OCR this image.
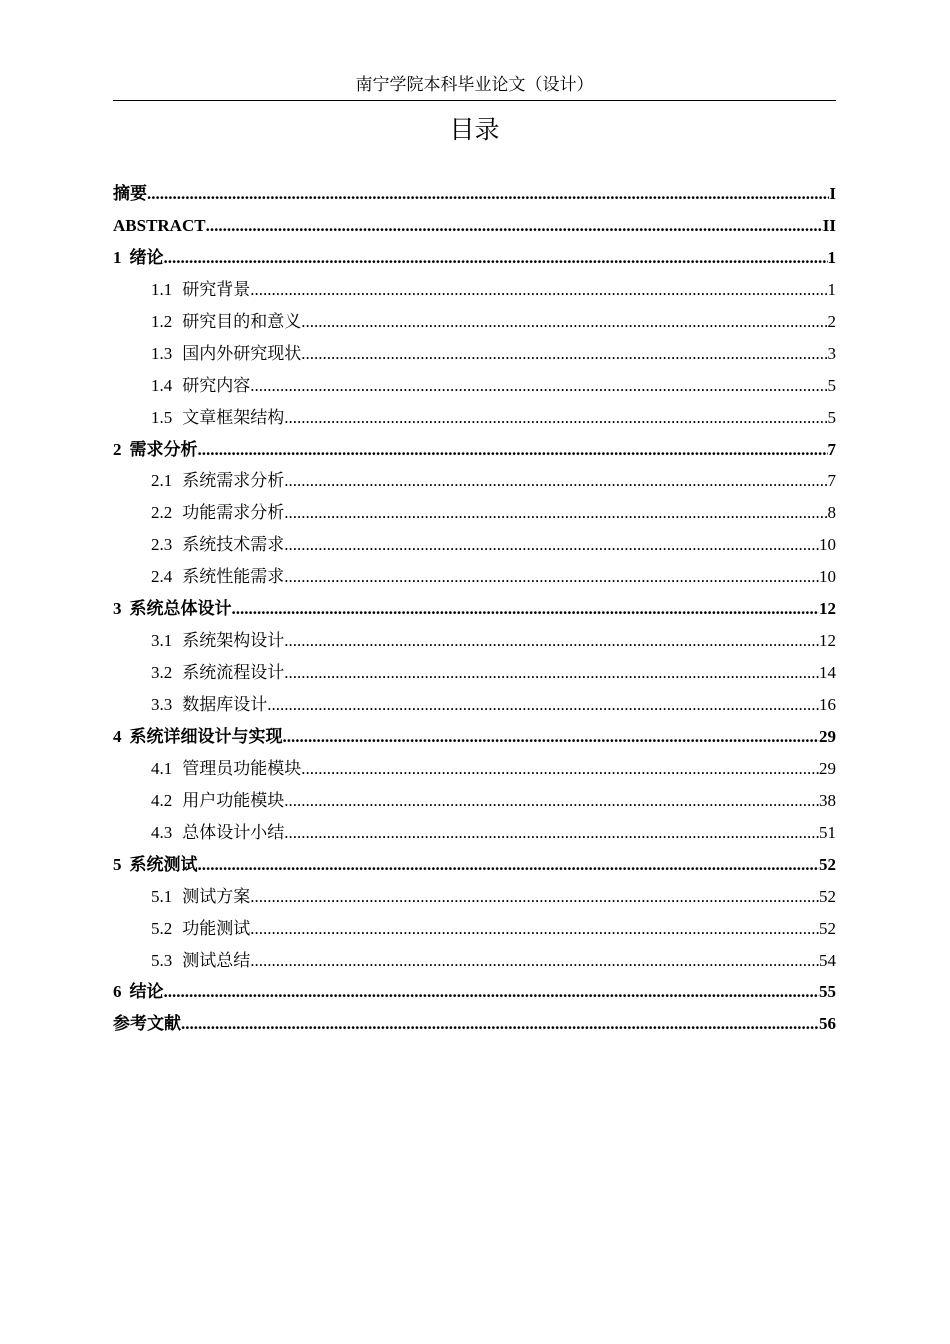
南宁学院本科毕业论文（设计）
目录
摘要 .....	I
ABSTRACT .....	II
1 绪论 .....	1
1.1 研究背景 .....	1
1.2 研究目的和意义 .....	2
1.3 国内外研究现状 .....	3
1.4 研究内容 .....	5
1.5 文章框架结构 .....	5
2 需求分析 .....	7
2.1 系统需求分析 .....	7
2.2 功能需求分析 .....	8
2.3 系统技术需求 .....	10
2.4 系统性能需求 .....	10
3 系统总体设计 .....	12
3.1 系统架构设计 .....	12
3.2 系统流程设计 .....	14
3.3 数据库设计 .....	16
4 系统详细设计与实现 .....	29
4.1 管理员功能模块 .....	29
4.2 用户功能模块 .....	38
4.3 总体设计小结 .....	51
5 系统测试 .....	52
5.1 测试方案 .....	52
5.2 功能测试 .....	52
5.3 测试总结 .....	54
6 结论 .....	55
参考文献 .....	56
